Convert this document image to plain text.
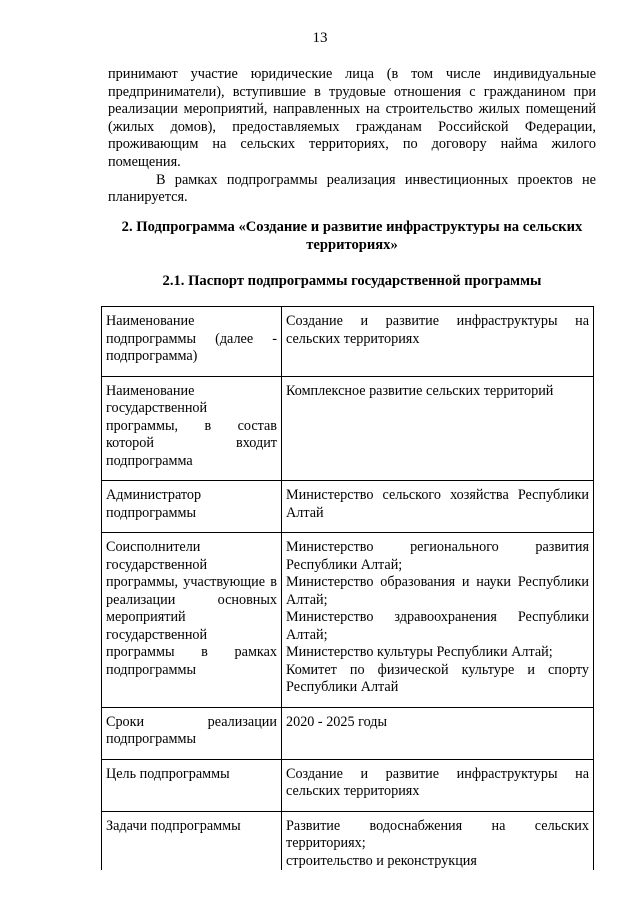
13

принимают участие юридические лица (в том числе индивидуальные предприниматели), вступившие в трудовые отношения с гражданином при реализации мероприятий, направленных на строительство жилых помещений (жилых домов), предоставляемых гражданам Российской Федерации, проживающим на сельских территориях, по договору найма жилого помещения.

В рамках подпрограммы реализация инвестиционных проектов не планируется.

2. Подпрограмма «Создание и развитие инфраструктуры на сельских территориях»
2.1. Паспорт подпрограммы государственной программы
Наименование подпрограммы (далее - подпрограмма)	Создание и развитие инфраструктуры на сельских территориях

Наименование государственной программы, в состав которой входит подпрограмма	Комплексное развитие сельских территорий

Администратор подпрограммы	Министерство сельского хозяйства Республики Алтай

Соисполнители государственной программы, участвующие в реализации основных мероприятий государственной программы в рамках подпрограммы	Министерство регионального развития Республики Алтай;
Министерство образования и науки Республики Алтай;
Министерство здравоохранения Республики Алтай;
Министерство культуры Республики Алтай;
Комитет по физической культуре и спорту Республики Алтай

Сроки реализации подпрограммы	2020 - 2025 годы

Цель подпрограммы	Создание и развитие инфраструктуры на сельских территориях

Задачи подпрограммы	Развитие водоснабжения на сельских территориях;
строительство и реконструкция
